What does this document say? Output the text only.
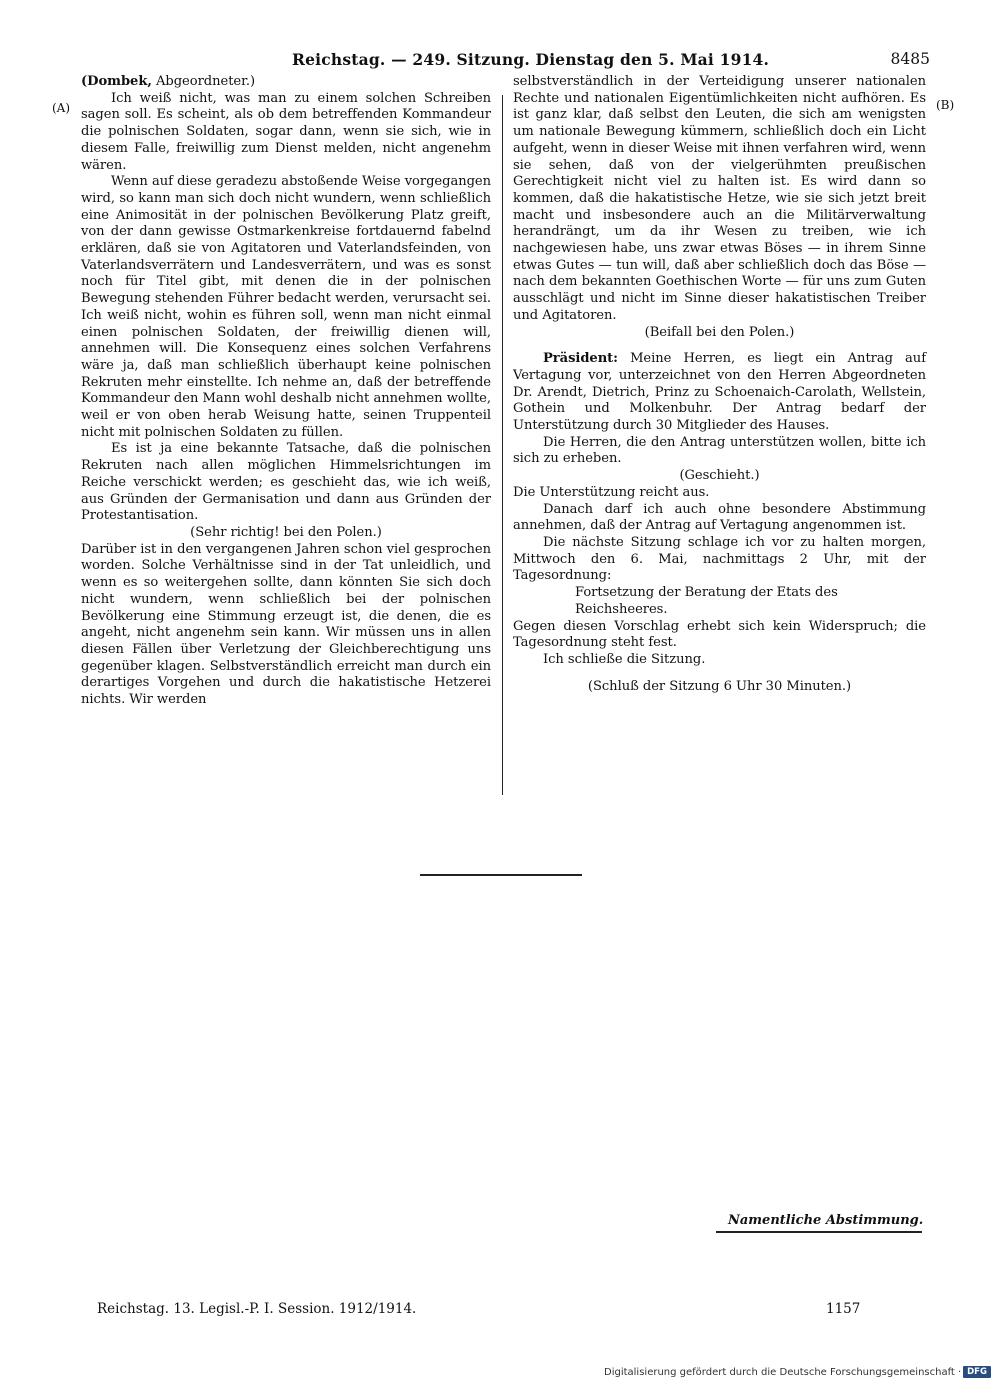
Reichstag. — 249. Sitzung. Dienstag den 5. Mai 1914.	8485
(A)	(B)

(Dombek, Abgeordneter.)

Ich weiß nicht, was man zu einem solchen Schreiben sagen soll. Es scheint, als ob dem betreffenden Kommandeur die polnischen Soldaten, sogar dann, wenn sie sich, wie in diesem Falle, freiwillig zum Dienst melden, nicht angenehm wären.

Wenn auf diese geradezu abstoßende Weise vorgegangen wird, so kann man sich doch nicht wundern, wenn schließlich eine Animosität in der polnischen Bevölkerung Platz greift, von der dann gewisse Ostmarkenkreise fortdauernd fabelnd erklären, daß sie von Agitatoren und Vaterlandsfeinden, von Vaterlandsverrätern und Landesverrätern, und was es sonst noch für Titel gibt, mit denen die in der polnischen Bewegung stehenden Führer bedacht werden, verursacht sei. Ich weiß nicht, wohin es führen soll, wenn man nicht einmal einen polnischen Soldaten, der freiwillig dienen will, annehmen will. Die Konsequenz eines solchen Verfahrens wäre ja, daß man schließlich überhaupt keine polnischen Rekruten mehr einstellte. Ich nehme an, daß der betreffende Kommandeur den Mann wohl deshalb nicht annehmen wollte, weil er von oben herab Weisung hatte, seinen Truppenteil nicht mit polnischen Soldaten zu füllen.

Es ist ja eine bekannte Tatsache, daß die polnischen Rekruten nach allen möglichen Himmelsrichtungen im Reiche verschickt werden; es geschieht das, wie ich weiß, aus Gründen der Germanisation und dann aus Gründen der Protestantisation.

(Sehr richtig! bei den Polen.)

Darüber ist in den vergangenen Jahren schon viel gesprochen worden. Solche Verhältnisse sind in der Tat unleidlich, und wenn es so weitergehen sollte, dann könnten Sie sich doch nicht wundern, wenn schließlich bei der polnischen Bevölkerung eine Stimmung erzeugt ist, die denen, die es angeht, nicht angenehm sein kann. Wir müssen uns in allen diesen Fällen über Verletzung der Gleichberechtigung uns gegenüber klagen. Selbstverständlich erreicht man durch ein derartiges Vorgehen und durch die hakatistische Hetzerei nichts. Wir werden

selbstverständlich in der Verteidigung unserer nationalen Rechte und nationalen Eigentümlichkeiten nicht aufhören. Es ist ganz klar, daß selbst den Leuten, die sich am wenigsten um nationale Bewegung kümmern, schließlich doch ein Licht aufgeht, wenn in dieser Weise mit ihnen verfahren wird, wenn sie sehen, daß von der vielgerühmten preußischen Gerechtigkeit nicht viel zu halten ist. Es wird dann so kommen, daß die hakatistische Hetze, wie sie sich jetzt breit macht und insbesondere auch an die Militärverwaltung herandrängt, um da ihr Wesen zu treiben, wie ich nachgewiesen habe, uns zwar etwas Böses — in ihrem Sinne etwas Gutes — tun will, daß aber schließlich doch das Böse — nach dem bekannten Goethischen Worte — für uns zum Guten ausschlägt und nicht im Sinne dieser hakatistischen Treiber und Agitatoren.

(Beifall bei den Polen.)

Präsident: Meine Herren, es liegt ein Antrag auf Vertagung vor, unterzeichnet von den Herren Abgeordneten Dr. Arendt, Dietrich, Prinz zu Schoenaich-Carolath, Wellstein, Gothein und Molkenbuhr. Der Antrag bedarf der Unterstützung durch 30 Mitglieder des Hauses.

Die Herren, die den Antrag unterstützen wollen, bitte ich sich zu erheben.

(Geschieht.)

Die Unterstützung reicht aus.

Danach darf ich auch ohne besondere Abstimmung annehmen, daß der Antrag auf Vertagung angenommen ist.

Die nächste Sitzung schlage ich vor zu halten morgen, Mittwoch den 6. Mai, nachmittags 2 Uhr, mit der Tagesordnung:

Fortsetzung der Beratung der Etats des Reichsheeres.

Gegen diesen Vorschlag erhebt sich kein Widerspruch; die Tagesordnung steht fest.

Ich schließe die Sitzung.

(Schluß der Sitzung 6 Uhr 30 Minuten.)

Namentliche Abstimmung.
Reichstag. 13. Legisl.-P. I. Session. 1912/1914.	1157
Digitalisierung gefördert durch die Deutsche Forschungsgemeinschaft · DFG
